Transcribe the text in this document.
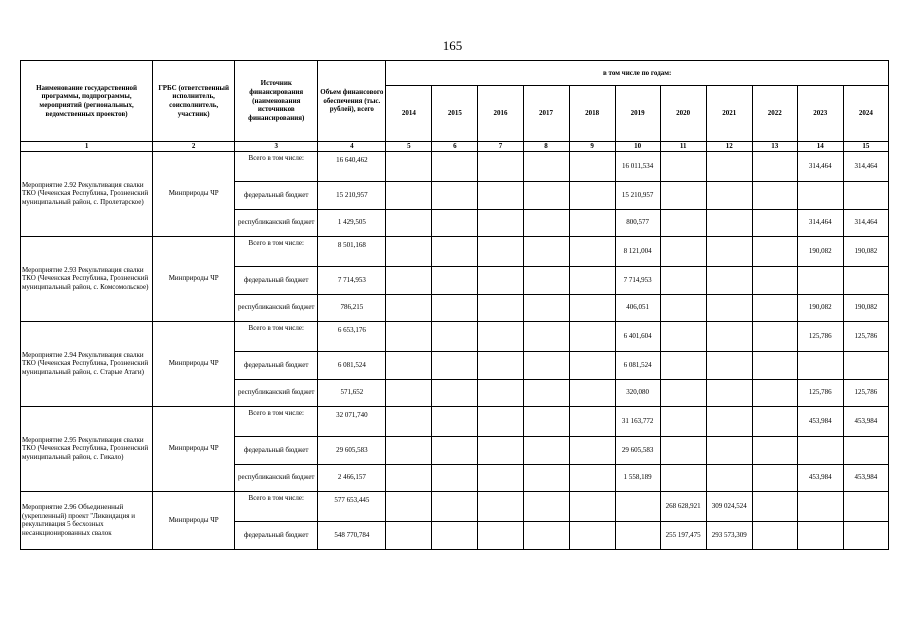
165
Наименование государственной программы, подпрограммы, мероприятий (региональных, ведомственных проектов)	ГРБС (ответственный исполнитель, соисполнитель, участник)	Источник финансирования (наименования источников финансирования)	Объем финансового обеспечения (тыс. рублей), всего	в том числе по годам:										
				2014	2015	2016	2017	2018	2019	2020	2021	2022	2023	2024
1	2	3	4	5	6	7	8	9	10	11	12	13	14	15
Мероприятие 2.92 Рекультивация свалки ТКО (Чеченская Республика, Грозненский муниципальный район, с. Пролетарское)	Минприроды ЧР	Всего в том числе:	16 640,462						16 011,534				314,464	314,464
		федеральный бюджет	15 210,957						15 210,957					
		республиканский бюджет	1 429,505						800,577				314,464	314,464
Мероприятие 2.93 Рекультивация свалки ТКО (Чеченская Республика, Грозненский муниципальный район, с. Комсомольское)	Минприроды ЧР	Всего в том числе:	8 501,168						8 121,004				190,082	190,082
		федеральный бюджет	7 714,953						7 714,953					
		республиканский бюджет	786,215						406,051				190,082	190,082
Мероприятие 2.94 Рекультивация свалки ТКО (Чеченская Республика, Грозненский муниципальный район, с. Старые Атаги)	Минприроды ЧР	Всего в том числе:	6 653,176						6 401,604				125,786	125,786
		федеральный бюджет	6 081,524						6 081,524					
		республиканский бюджет	571,652						320,080				125,786	125,786
Мероприятие 2.95 Рекультивация свалки ТКО (Чеченская Республика, Грозненский муниципальный район, с. Гикало)	Минприроды ЧР	Всего в том числе:	32 071,740						31 163,772				453,984	453,984
		федеральный бюджет	29 605,583						29 605,583					
		республиканский бюджет	2 466,157						1 558,189				453,984	453,984
Мероприятие 2.96 Объединенный (укрепленный) проект "Ликвидация и рекультивация 5 бесхозных несанкционированных свалок	Минприроды ЧР	Всего в том числе:	577 653,445							268 628,921	309 024,524			
		федеральный бюджет	548 770,784							255 197,475	293 573,309			
